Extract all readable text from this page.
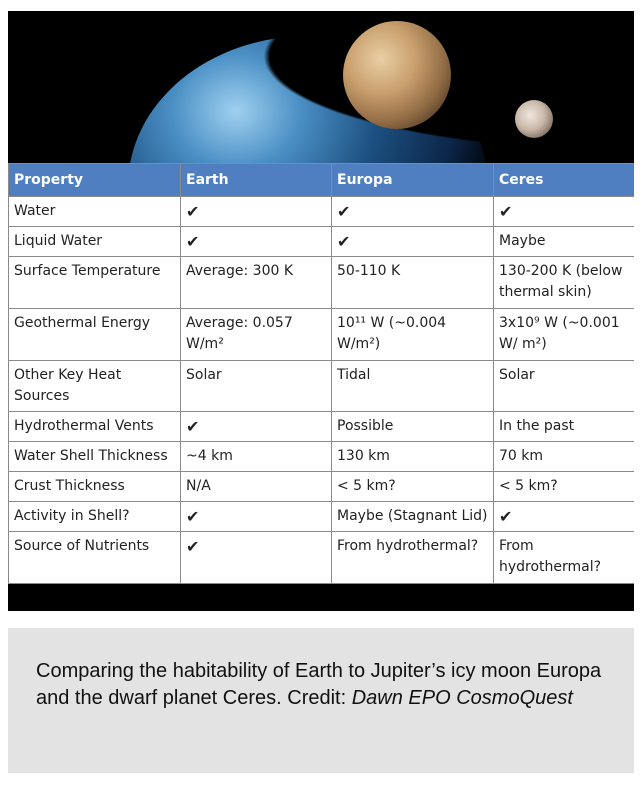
Property	Earth	Europa	Ceres
Water	✔	✔	✔
Liquid Water	✔	✔	Maybe
Surface Temperature	Average: 300 K	50-110 K	130-200 K (below thermal skin)
Geothermal Energy	Average: 0.057 W/m²	10¹¹ W (~0.004 W/m²)	3x10⁹ W (~0.001 W/ m²)
Other Key Heat Sources	Solar	Tidal	Solar
Hydrothermal Vents	✔	Possible	In the past
Water Shell Thickness	~4 km	130 km	70 km
Crust Thickness	N/A	< 5 km?	< 5 km?
Activity in Shell?	✔	Maybe (Stagnant Lid)	✔
Source of Nutrients	✔	From hydrothermal?	From hydrothermal?
Comparing the habitability of Earth to Jupiter’s icy moon Europa and the dwarf planet Ceres. Credit: Dawn EPO CosmoQuest
